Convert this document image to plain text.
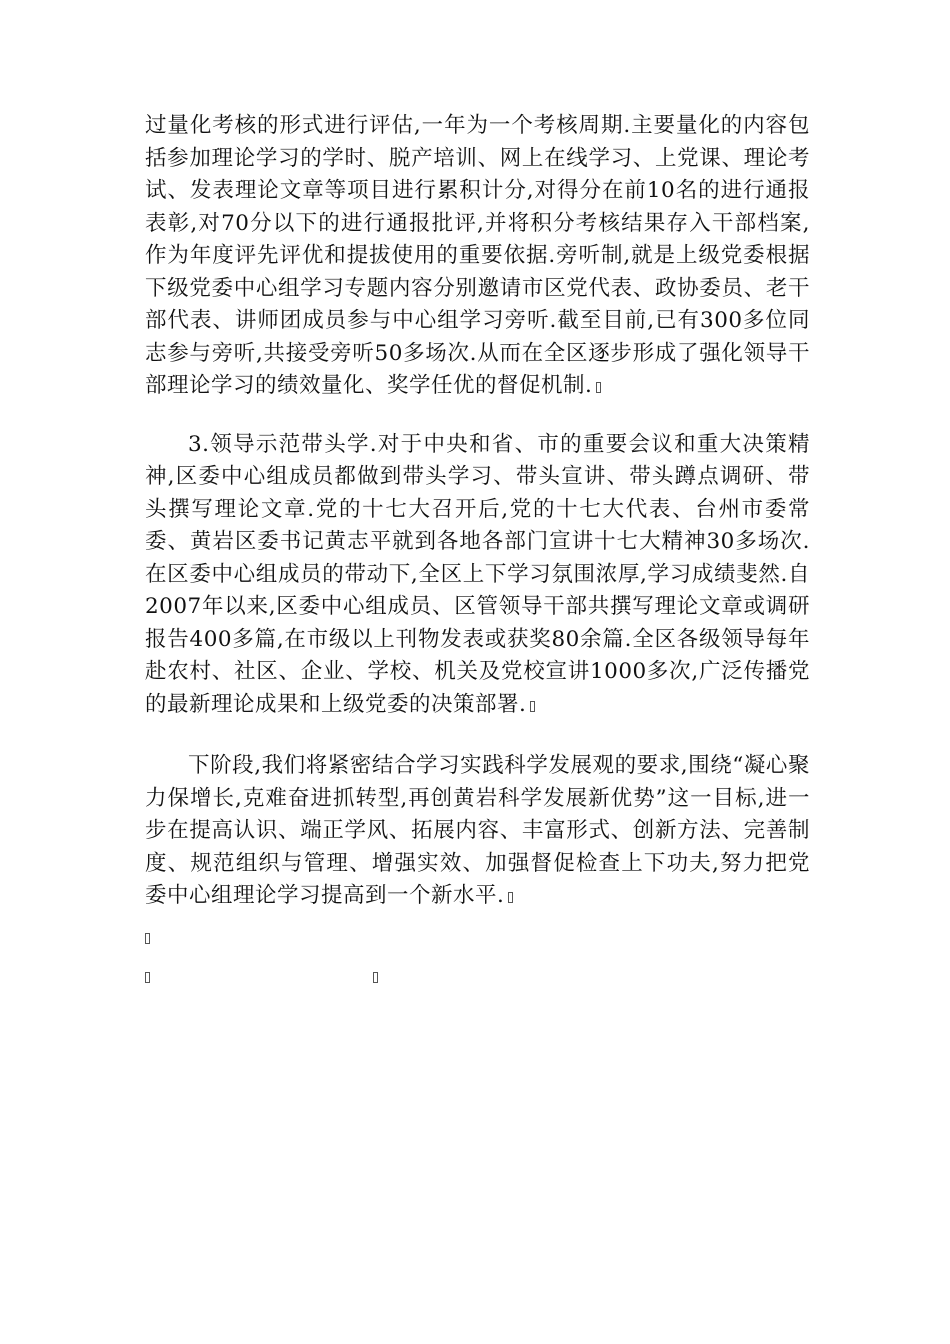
过量化考核的形式进行评估,一年为一个考核周期.主要量化的内容包括参加理论学习的学时、脱产培训、网上在线学习、上党课、理论考试、发表理论文章等项目进行累积计分,对得分在前10名的进行通报表彰,对70分以下的进行通报批评,并将积分考核结果存入干部档案,作为年度评先评优和提拔使用的重要依据.旁听制,就是上级党委根据下级党委中心组学习专题内容分别邀请市区党代表、政协委员、老干部代表、讲师团成员参与中心组学习旁听.截至目前,已有300多位同志参与旁听,共接受旁听50多场次.从而在全区逐步形成了强化领导干部理论学习的绩效量化、奖学任优的督促机制.

3.领导示范带头学.对于中央和省、市的重要会议和重大决策精神,区委中心组成员都做到带头学习、带头宣讲、带头蹲点调研、带头撰写理论文章.党的十七大召开后,党的十七大代表、台州市委常委、黄岩区委书记黄志平就到各地各部门宣讲十七大精神30多场次.在区委中心组成员的带动下,全区上下学习氛围浓厚,学习成绩斐然.自2007年以来,区委中心组成员、区管领导干部共撰写理论文章或调研报告400多篇,在市级以上刊物发表或获奖80余篇.全区各级领导每年赴农村、社区、企业、学校、机关及党校宣讲1000多次,广泛传播党的最新理论成果和上级党委的决策部署.

下阶段,我们将紧密结合学习实践科学发展观的要求,围绕“凝心聚力保增长,克难奋进抓转型,再创黄岩科学发展新优势”这一目标,进一步在提高认识、端正学风、拓展内容、丰富形式、创新方法、完善制度、规范组织与管理、增强实效、加强督促检查上下功夫,努力把党委中心组理论学习提高到一个新水平.
